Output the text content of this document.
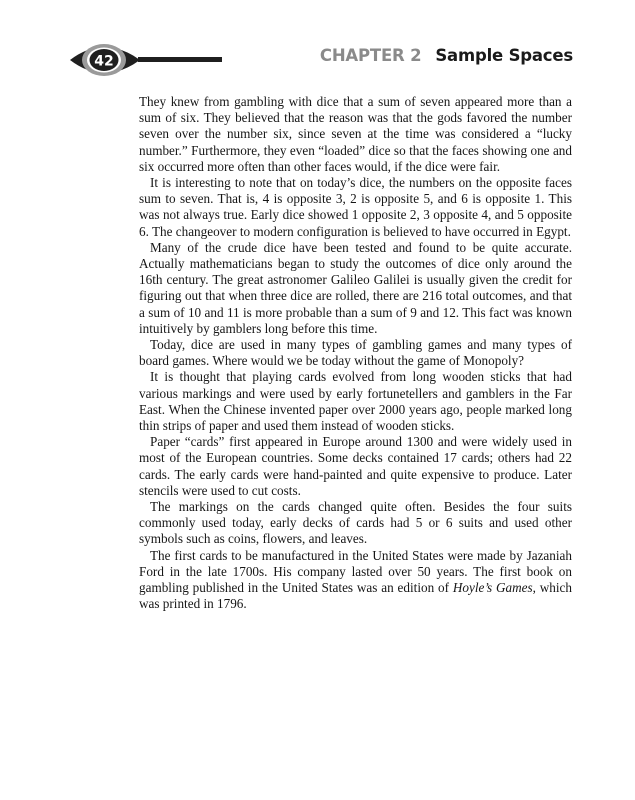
42	CHAPTER 2 Sample Spaces

They knew from gambling with dice that a sum of seven appeared more than a sum of six. They believed that the reason was that the gods favored the number seven over the number six, since seven at the time was considered a “lucky number.” Furthermore, they even “loaded” dice so that the faces showing one and six occurred more often than other faces would, if the dice were fair.

It is interesting to note that on today’s dice, the numbers on the opposite faces sum to seven. That is, 4 is opposite 3, 2 is opposite 5, and 6 is opposite 1. This was not always true. Early dice showed 1 opposite 2, 3 opposite 4, and 5 opposite 6. The changeover to modern configuration is believed to have occurred in Egypt.

Many of the crude dice have been tested and found to be quite accurate. Actually mathematicians began to study the outcomes of dice only around the 16th century. The great astronomer Galileo Galilei is usually given the credit for figuring out that when three dice are rolled, there are 216 total outcomes, and that a sum of 10 and 11 is more probable than a sum of 9 and 12. This fact was known intuitively by gamblers long before this time.

Today, dice are used in many types of gambling games and many types of board games. Where would we be today without the game of Monopoly?

It is thought that playing cards evolved from long wooden sticks that had various markings and were used by early fortunetellers and gamblers in the Far East. When the Chinese invented paper over 2000 years ago, people marked long thin strips of paper and used them instead of wooden sticks.

Paper “cards” first appeared in Europe around 1300 and were widely used in most of the European countries. Some decks contained 17 cards; others had 22 cards. The early cards were hand-painted and quite expensive to produce. Later stencils were used to cut costs.

The markings on the cards changed quite often. Besides the four suits commonly used today, early decks of cards had 5 or 6 suits and used other symbols such as coins, flowers, and leaves.

The first cards to be manufactured in the United States were made by Jazaniah Ford in the late 1700s. His company lasted over 50 years. The first book on gambling published in the United States was an edition of Hoyle’s Games, which was printed in 1796.
